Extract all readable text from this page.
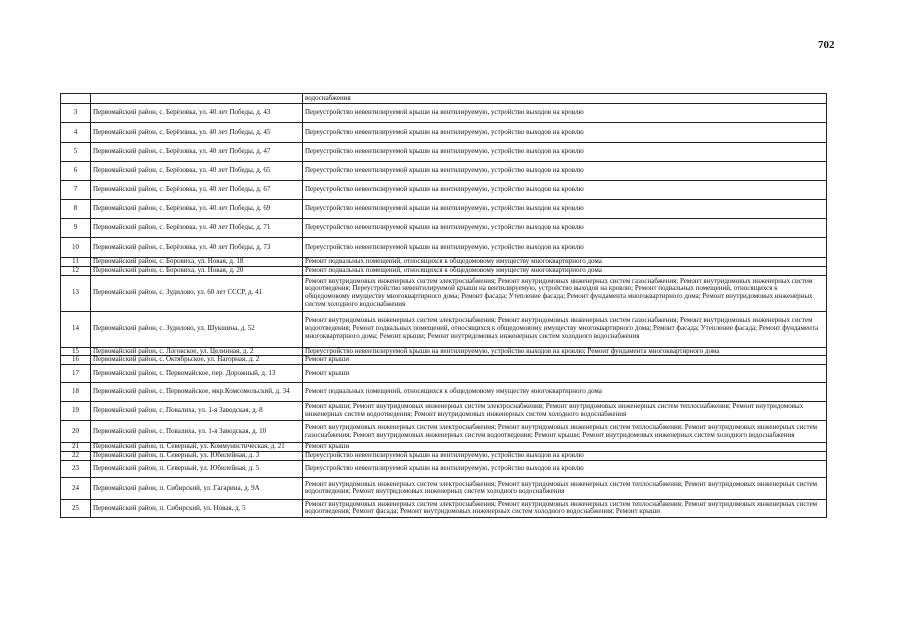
702
		водоснабжения
3	Первомайский район, с. Берёзовка, ул. 40 лет Победы, д. 43	Переустройство невентилируемой крыши на вентилируемую, устройство выходов на кровлю
4	Первомайский район, с. Берёзовка, ул. 40 лет Победы, д. 45	Переустройство невентилируемой крыши на вентилируемую, устройство выходов на кровлю
5	Первомайский район, с. Берёзовка, ул. 40 лет Победы, д. 47	Переустройство невентилируемой крыши на вентилируемую, устройство выходов на кровлю
6	Первомайский район, с. Берёзовка, ул. 40 лет Победы, д. 65	Переустройство невентилируемой крыши на вентилируемую, устройство выходов на кровлю
7	Первомайский район, с. Берёзовка, ул. 40 лет Победы, д. 67	Переустройство невентилируемой крыши на вентилируемую, устройство выходов на кровлю
8	Первомайский район, с. Берёзовка, ул. 40 лет Победы, д. 69	Переустройство невентилируемой крыши на вентилируемую, устройство выходов на кровлю
9	Первомайский район, с. Берёзовка, ул. 40 лет Победы, д. 71	Переустройство невентилируемой крыши на вентилируемую, устройство выходов на кровлю
10	Первомайский район, с. Берёзовка, ул. 40 лет Победы, д. 73	Переустройство невентилируемой крыши на вентилируемую, устройство выходов на кровлю
11	Первомайский район, с. Боровиха, ул. Новая, д. 18	Ремонт подвальных помещений, относящихся к общедомовому имуществу многоквартирного дома
12	Первомайский район, с. Боровиха, ул. Новая, д. 20	Ремонт подвальных помещений, относящихся к общедомовому имуществу многоквартирного дома
13	Первомайский район, с. Зудилово, ул. 60 лет СССР, д. 41	Ремонт внутридомовых инженерных систем электроснабжения; Ремонт внутридомовых инженерных систем газоснабжения; Ремонт внутридомовых инженерных систем водоотведения; Переустройство невентилируемой крыши на вентилируемую, устройство выходов на кровлю; Ремонт подвальных помещений, относящихся к общедомовому имуществу многоквартирного дома; Ремонт фасада; Утепление фасада; Ремонт фундамента многоквартирного дома; Ремонт внутридомовых инженерных систем холодного водоснабжения
14	Первомайский район, с. Зудилово, ул. Шукшина, д. 52	Ремонт внутридомовых инженерных систем электроснабжения; Ремонт внутридомовых инженерных систем газоснабжения; Ремонт внутридомовых инженерных систем водоотведения; Ремонт подвальных помещений, относящихся к общедомовому имуществу многоквартирного дома; Ремонт фасада; Утепление фасада; Ремонт фундамента многоквартирного дома; Ремонт крыши; Ремонт внутридомовых инженерных систем холодного водоснабжения
15	Первомайский район, с. Логовское, ул. Целинная, д. 2	Переустройство невентилируемой крыши на вентилируемую, устройство выходов на кровлю; Ремонт фундамента многоквартирного дома
16	Первомайский район, с. Октябрьское, ул. Нагорная, д. 2	Ремонт крыши
17	Первомайский район, с. Первомайское, пер. Дорожный, д. 13	Ремонт крыши
18	Первомайский район, с. Первомайское, мкр.Комсомольский, д. 34	Ремонт подвальных помещений, относящихся к общедомовому имуществу многоквартирного дома
19	Первомайский район, с. Повалиха, ул. 1-я Заводская, д. 8	Ремонт крыши; Ремонт внутридомовых инженерных систем электроснабжения; Ремонт внутридомовых инженерных систем теплоснабжения; Ремонт внутридомовых инженерных систем водоотведения; Ремонт внутридомовых инженерных систем холодного водоснабжения
20	Первомайский район, с. Повалиха, ул. 1-я Заводская, д. 10	Ремонт внутридомовых инженерных систем электроснабжения; Ремонт внутридомовых инженерных систем теплоснабжения; Ремонт внутридомовых инженерных систем газоснабжения; Ремонт внутридомовых инженерных систем водоотведения; Ремонт крыши; Ремонт внутридомовых инженерных систем холодного водоснабжения
21	Первомайский район, п. Северный, ул. Коммунистическая, д. 21	Ремонт крыши
22	Первомайский район, п. Северный, ул. Юбилейная, д. 3	Переустройство невентилируемой крыши на вентилируемую, устройство выходов на кровлю
23	Первомайский район, п. Северный, ул. Юбилейная, д. 5	Переустройство невентилируемой крыши на вентилируемую, устройство выходов на кровлю
24	Первомайский район, п. Сибирский, ул. Гагарина, д. 9А	Ремонт внутридомовых инженерных систем электроснабжения; Ремонт внутридомовых инженерных систем теплоснабжения; Ремонт внутридомовых инженерных систем водоотведения; Ремонт внутридомовых инженерных систем холодного водоснабжения
25	Первомайский район, п. Сибирский, ул. Новая, д. 5	Ремонт внутридомовых инженерных систем электроснабжения; Ремонт внутридомовых инженерных систем теплоснабжения; Ремонт внутридомовых инженерных систем водоотведения; Ремонт фасада; Ремонт внутридомовых инженерных систем холодного водоснабжения; Ремонт крыши
